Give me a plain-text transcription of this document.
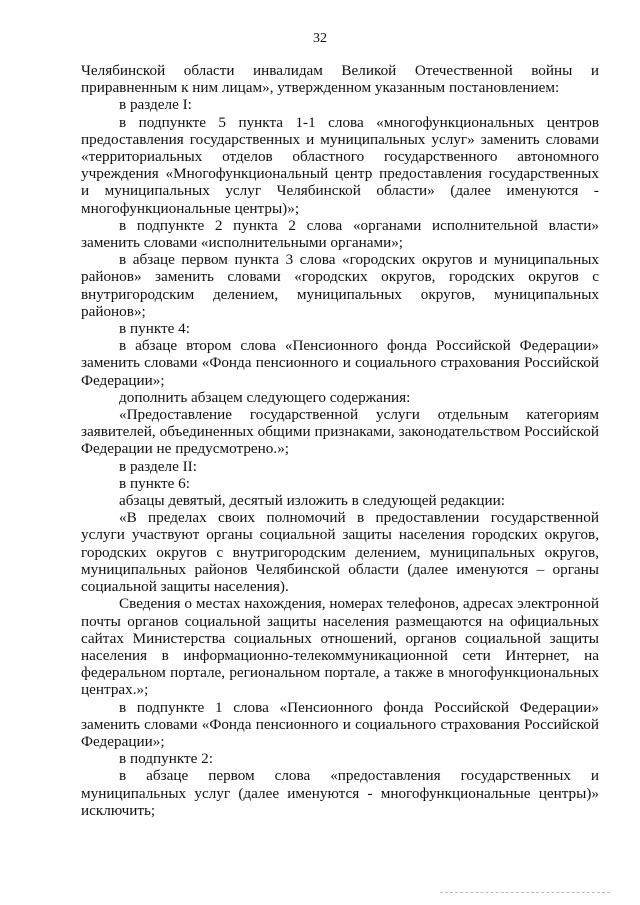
32

Челябинской области инвалидам Великой Отечественной войны и приравненным к ним лицам», утвержденном указанным постановлением:

в разделе I:

в подпункте 5 пункта 1-1 слова «многофункциональных центров предоставления государственных и муниципальных услуг» заменить словами «территориальных отделов областного государственного автономного учреждения «Многофункциональный центр предоставления государственных и муниципальных услуг Челябинской области» (далее именуются - многофункциональные центры)»;

в подпункте 2 пункта 2 слова «органами исполнительной власти» заменить словами «исполнительными органами»;

в абзаце первом пункта 3 слова «городских округов и муниципальных районов» заменить словами «городских округов, городских округов с внутригородским делением, муниципальных округов, муниципальных районов»;

в пункте 4:

в абзаце втором слова «Пенсионного фонда Российской Федерации» заменить словами «Фонда пенсионного и социального страхования Российской Федерации»;

дополнить абзацем следующего содержания:

«Предоставление государственной услуги отдельным категориям заявителей, объединенных общими признаками, законодательством Российской Федерации не предусмотрено.»;

в разделе II:

в пункте 6:

абзацы девятый, десятый изложить в следующей редакции:

«В пределах своих полномочий в предоставлении государственной услуги участвуют органы социальной защиты населения городских округов, городских округов с внутригородским делением, муниципальных округов, муниципальных районов Челябинской области (далее именуются – органы социальной защиты населения).

Сведения о местах нахождения, номерах телефонов, адресах электронной почты органов социальной защиты населения размещаются на официальных сайтах Министерства социальных отношений, органов социальной защиты населения в информационно-телекоммуникационной сети Интернет, на федеральном портале, региональном портале, а также в многофункциональных центрах.»;

в подпункте 1 слова «Пенсионного фонда Российской Федерации» заменить словами «Фонда пенсионного и социального страхования Российской Федерации»;

в подпункте 2:

в абзаце первом слова «предоставления государственных и муниципальных услуг (далее именуются - многофункциональные центры)» исключить;
